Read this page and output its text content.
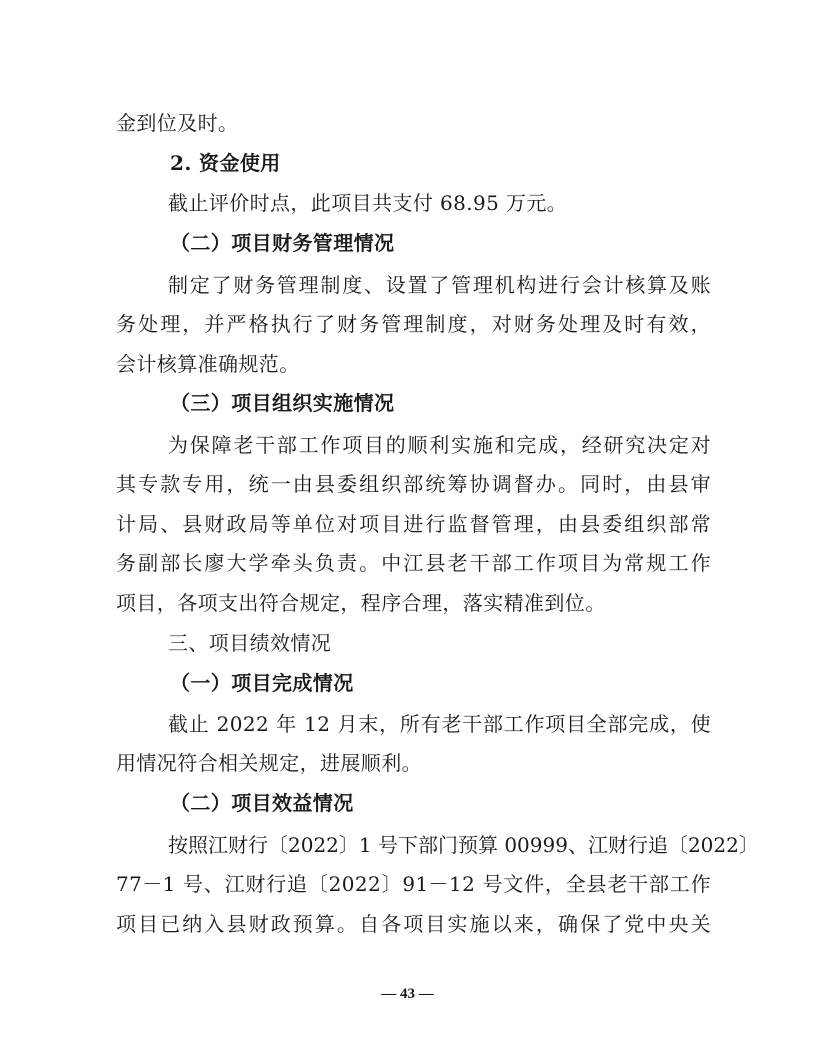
金到位及时。
2. 资金使用
截止评价时点，此项目共支付 68.95 万元。
（二）项目财务管理情况
制定了财务管理制度、设置了管理机构进行会计核算及账
务处理，并严格执行了财务管理制度，对财务处理及时有效，
会计核算准确规范。
（三）项目组织实施情况
为保障老干部工作项目的顺利实施和完成，经研究决定对
其专款专用，统一由县委组织部统筹协调督办。同时，由县审
计局、县财政局等单位对项目进行监督管理，由县委组织部常
务副部长廖大学牵头负责。中江县老干部工作项目为常规工作
项目，各项支出符合规定，程序合理，落实精准到位。
三、项目绩效情况
（一）项目完成情况
截止 2022 年 12 月末，所有老干部工作项目全部完成，使
用情况符合相关规定，进展顺利。
（二）项目效益情况
按照江财行〔2022〕1 号下部门预算 00999、江财行追〔2022〕
77－1 号、江财行追〔2022〕91－12 号文件，全县老干部工作
项目已纳入县财政预算。自各项目实施以来，确保了党中央关
— 43 —
